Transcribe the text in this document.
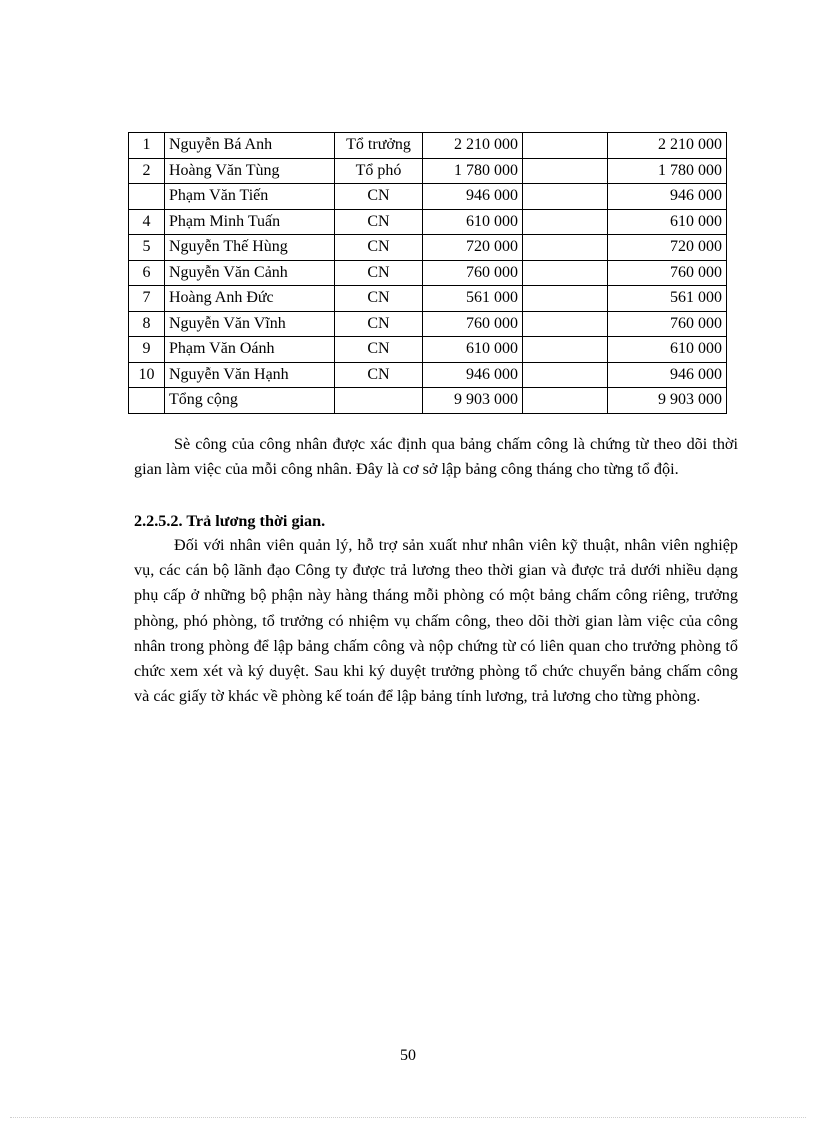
1	Nguyễn Bá Anh	Tổ trưởng	2 210 000		2 210 000
2	Hoàng Văn Tùng	Tổ phó	1 780 000		1 780 000
	Phạm Văn Tiến	CN	946 000		946 000
4	Phạm Minh Tuấn	CN	610 000		610 000
5	Nguyễn Thế Hùng	CN	720 000		720 000
6	Nguyễn Văn Cảnh	CN	760 000		760 000
7	Hoàng Anh Đức	CN	561 000		561 000
8	Nguyễn Văn Vĩnh	CN	760 000		760 000
9	Phạm Văn Oánh	CN	610 000		610 000
10	Nguyễn Văn Hạnh	CN	946 000		946 000
	Tổng cộng		9 903 000		9 903 000

Sè công của công nhân được xác định qua bảng chấm công là chứng từ theo dõi thời gian làm việc của mỗi công nhân. Đây là cơ sở lập bảng công tháng cho từng tổ đội.

2.2.5.2. Trả lương thời gian.

Đối với nhân viên quản lý, hỗ trợ sản xuất như nhân viên kỹ thuật, nhân viên nghiệp vụ, các cán bộ lãnh đạo Công ty được trả lương theo thời gian và được trả dưới nhiều dạng phụ cấp ở những bộ phận này hàng tháng mỗi phòng có một bảng chấm công riêng, trưởng phòng, phó phòng, tổ trưởng có nhiệm vụ chấm công, theo dõi thời gian làm việc của công nhân trong phòng để lập bảng chấm công và nộp chứng từ có liên quan cho trưởng phòng tổ chức xem xét và ký duyệt. Sau khi ký duyệt trưởng phòng tổ chức chuyển bảng chấm công và các giấy tờ khác về phòng kế toán để lập bảng tính lương, trả lương cho từng phòng.

50
